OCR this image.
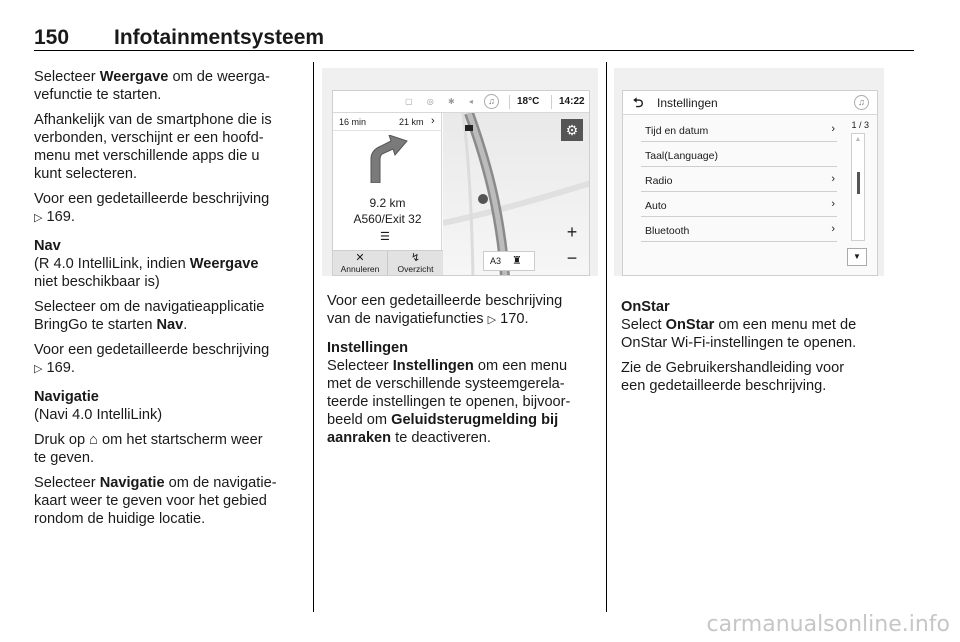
150 Infotainmentsysteem

Selecteer Weergave om de weerga-
vefunctie te starten.

Afhankelijk van de smartphone die is
verbonden, verschijnt er een hoofd-
menu met verschillende apps die u
kunt selecteren.

Voor een gedetailleerde beschrijving
▷ 169.

Nav

(R 4.0 IntelliLink, indien Weergave
niet beschikbaar is)

Selecteer om de navigatieapplicatie
BringGo te starten Nav.

Voor een gedetailleerde beschrijving
▷ 169.

Navigatie

(Navi 4.0 IntelliLink)

Druk op ⌂ om het startscherm weer
te geven.

Selecteer Navigatie om de navigatie-
kaart weer te geven voor het gebied
rondom de huidige locatie.

▢ ◎ ✱ ◂	♫	18°C 14:22
16 min	21 km ›
9.2 km
A560/Exit 32
☰
⚙
+
−
A3 ♜
✕
Annuleren
↯
Overzicht

Voor een gedetailleerde beschrijving
van de navigatiefuncties ▷ 170.

Instellingen

Selecteer Instellingen om een menu
met de verschillende systeemgerela-
teerde instellingen te openen, bijvoor-
beeld om Geluidsterugmelding bij
aanraken te deactiveren.

⮌ Instellingen	♫
Tijd en datum	›
Taal(Language)
Radio	›
Auto	›
Bluetooth	›
1 / 3
▲
▼
OnStar

Select OnStar om een menu met de
OnStar Wi-Fi-instellingen te openen.

Zie de Gebruikershandleiding voor
een gedetailleerde beschrijving.

carmanualsonline.info
